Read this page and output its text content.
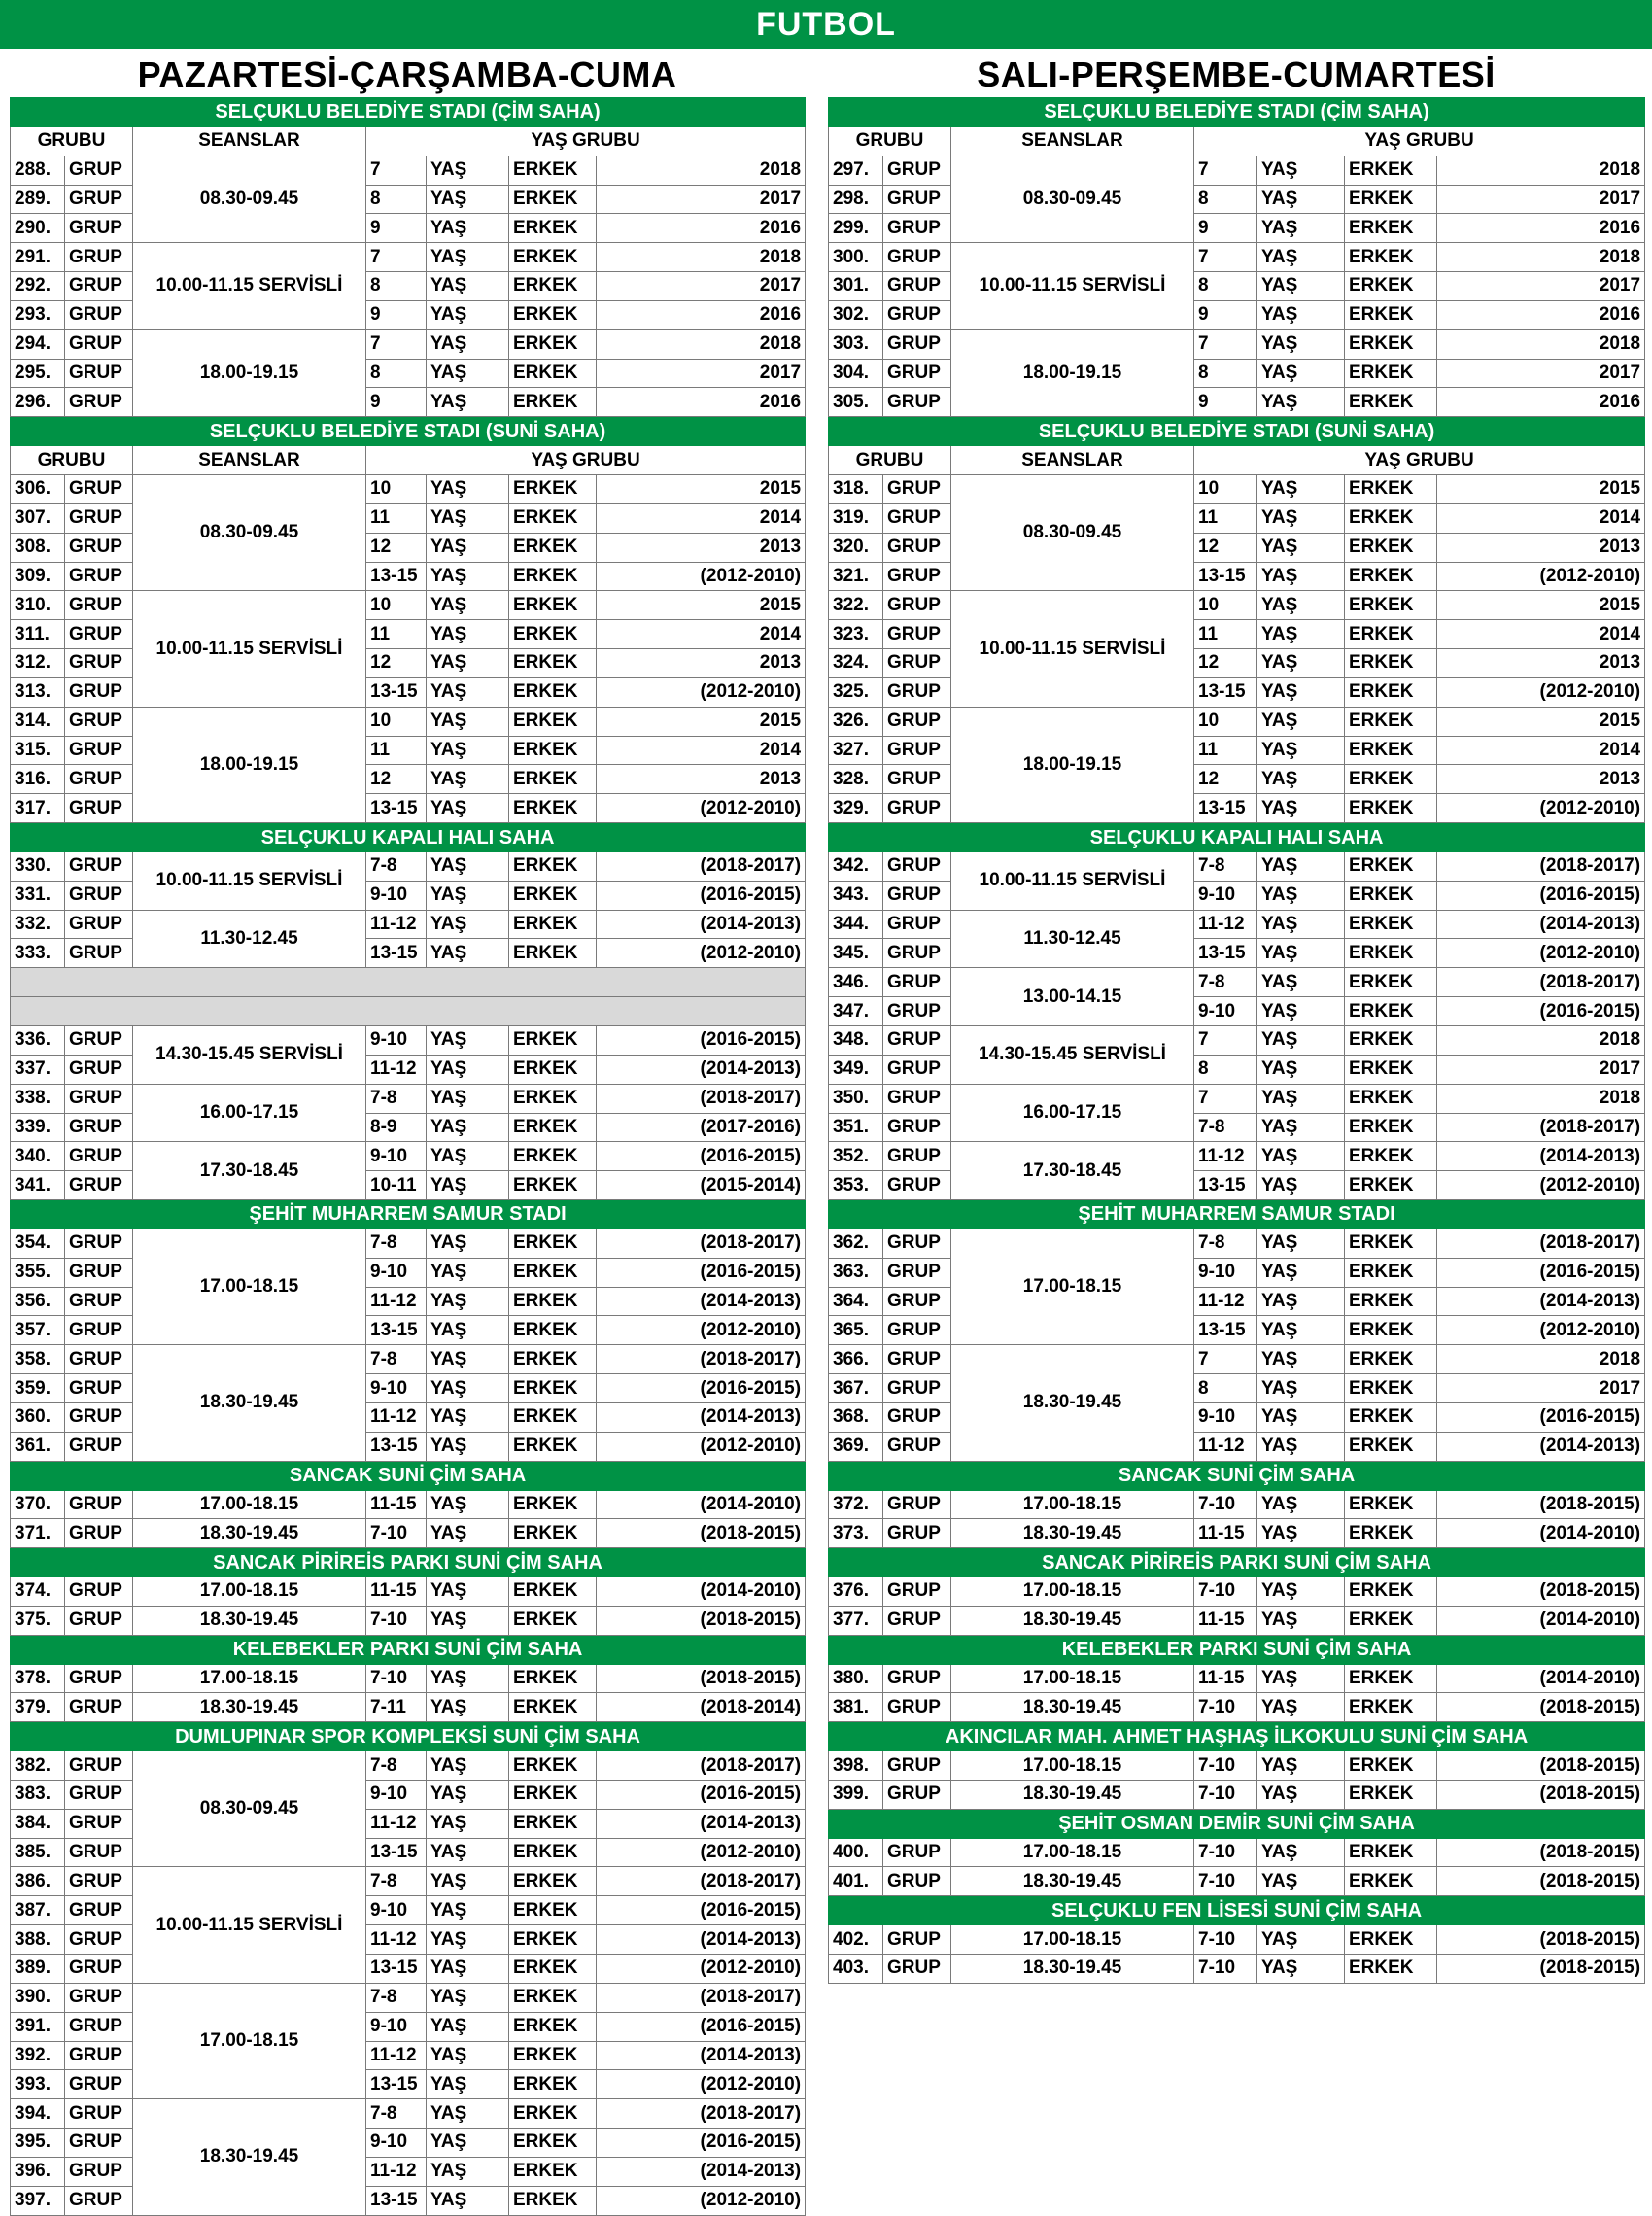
FUTBOL
PAZARTESİ-ÇARŞAMBA-CUMA
SELÇUKLU BELEDİYE STADI (ÇİM SAHA)						
GRUBU		SEANSLAR	YAŞ GRUBU			
288.	GRUP	08.30-09.45	7	YAŞ	ERKEK	2018
289.	GRUP		8	YAŞ	ERKEK	2017
290.	GRUP		9	YAŞ	ERKEK	2016
291.	GRUP	10.00-11.15 SERVİSLİ	7	YAŞ	ERKEK	2018
292.	GRUP		8	YAŞ	ERKEK	2017
293.	GRUP		9	YAŞ	ERKEK	2016
294.	GRUP	18.00-19.15	7	YAŞ	ERKEK	2018
295.	GRUP		8	YAŞ	ERKEK	2017
296.	GRUP		9	YAŞ	ERKEK	2016
SELÇUKLU BELEDİYE STADI (SUNİ SAHA)						
GRUBU		SEANSLAR	YAŞ GRUBU			
306.	GRUP	08.30-09.45	10	YAŞ	ERKEK	2015
307.	GRUP		11	YAŞ	ERKEK	2014
308.	GRUP		12	YAŞ	ERKEK	2013
309.	GRUP		13-15	YAŞ	ERKEK	(2012-2010)
310.	GRUP	10.00-11.15 SERVİSLİ	10	YAŞ	ERKEK	2015
311.	GRUP		11	YAŞ	ERKEK	2014
312.	GRUP		12	YAŞ	ERKEK	2013
313.	GRUP		13-15	YAŞ	ERKEK	(2012-2010)
314.	GRUP	18.00-19.15	10	YAŞ	ERKEK	2015
315.	GRUP		11	YAŞ	ERKEK	2014
316.	GRUP		12	YAŞ	ERKEK	2013
317.	GRUP		13-15	YAŞ	ERKEK	(2012-2010)
SELÇUKLU KAPALI HALI SAHA						
330.	GRUP	10.00-11.15 SERVİSLİ	7-8	YAŞ	ERKEK	(2018-2017)
331.	GRUP		9-10	YAŞ	ERKEK	(2016-2015)
332.	GRUP	11.30-12.45	11-12	YAŞ	ERKEK	(2014-2013)
333.	GRUP		13-15	YAŞ	ERKEK	(2012-2010)

336.	GRUP	14.30-15.45 SERVİSLİ	9-10	YAŞ	ERKEK	(2016-2015)
337.	GRUP		11-12	YAŞ	ERKEK	(2014-2013)
338.	GRUP	16.00-17.15	7-8	YAŞ	ERKEK	(2018-2017)
339.	GRUP		8-9	YAŞ	ERKEK	(2017-2016)
340.	GRUP	17.30-18.45	9-10	YAŞ	ERKEK	(2016-2015)
341.	GRUP		10-11	YAŞ	ERKEK	(2015-2014)
ŞEHİT MUHARREM SAMUR STADI						
354.	GRUP	17.00-18.15	7-8	YAŞ	ERKEK	(2018-2017)
355.	GRUP		9-10	YAŞ	ERKEK	(2016-2015)
356.	GRUP		11-12	YAŞ	ERKEK	(2014-2013)
357.	GRUP		13-15	YAŞ	ERKEK	(2012-2010)
358.	GRUP	18.30-19.45	7-8	YAŞ	ERKEK	(2018-2017)
359.	GRUP		9-10	YAŞ	ERKEK	(2016-2015)
360.	GRUP		11-12	YAŞ	ERKEK	(2014-2013)
361.	GRUP		13-15	YAŞ	ERKEK	(2012-2010)
SANCAK SUNİ ÇİM SAHA						
370.	GRUP	17.00-18.15	11-15	YAŞ	ERKEK	(2014-2010)
371.	GRUP	18.30-19.45	7-10	YAŞ	ERKEK	(2018-2015)
SANCAK PİRİREİS PARKI SUNİ ÇİM SAHA						
374.	GRUP	17.00-18.15	11-15	YAŞ	ERKEK	(2014-2010)
375.	GRUP	18.30-19.45	7-10	YAŞ	ERKEK	(2018-2015)
KELEBEKLER PARKI SUNİ ÇİM SAHA						
378.	GRUP	17.00-18.15	7-10	YAŞ	ERKEK	(2018-2015)
379.	GRUP	18.30-19.45	7-11	YAŞ	ERKEK	(2018-2014)
DUMLUPINAR SPOR KOMPLEKSİ SUNİ ÇİM SAHA						
382.	GRUP	08.30-09.45	7-8	YAŞ	ERKEK	(2018-2017)
383.	GRUP		9-10	YAŞ	ERKEK	(2016-2015)
384.	GRUP		11-12	YAŞ	ERKEK	(2014-2013)
385.	GRUP		13-15	YAŞ	ERKEK	(2012-2010)
386.	GRUP	10.00-11.15 SERVİSLİ	7-8	YAŞ	ERKEK	(2018-2017)
387.	GRUP		9-10	YAŞ	ERKEK	(2016-2015)
388.	GRUP		11-12	YAŞ	ERKEK	(2014-2013)
389.	GRUP		13-15	YAŞ	ERKEK	(2012-2010)
390.	GRUP	17.00-18.15	7-8	YAŞ	ERKEK	(2018-2017)
391.	GRUP		9-10	YAŞ	ERKEK	(2016-2015)
392.	GRUP		11-12	YAŞ	ERKEK	(2014-2013)
393.	GRUP		13-15	YAŞ	ERKEK	(2012-2010)
394.	GRUP	18.30-19.45	7-8	YAŞ	ERKEK	(2018-2017)
395.	GRUP		9-10	YAŞ	ERKEK	(2016-2015)
396.	GRUP		11-12	YAŞ	ERKEK	(2014-2013)
397.	GRUP		13-15	YAŞ	ERKEK	(2012-2010)
SALI-PERŞEMBE-CUMARTESİ
SELÇUKLU BELEDİYE STADI (ÇİM SAHA)						
GRUBU		SEANSLAR	YAŞ GRUBU			
297.	GRUP	08.30-09.45	7	YAŞ	ERKEK	2018
298.	GRUP		8	YAŞ	ERKEK	2017
299.	GRUP		9	YAŞ	ERKEK	2016
300.	GRUP	10.00-11.15 SERVİSLİ	7	YAŞ	ERKEK	2018
301.	GRUP		8	YAŞ	ERKEK	2017
302.	GRUP		9	YAŞ	ERKEK	2016
303.	GRUP	18.00-19.15	7	YAŞ	ERKEK	2018
304.	GRUP		8	YAŞ	ERKEK	2017
305.	GRUP		9	YAŞ	ERKEK	2016
SELÇUKLU BELEDİYE STADI (SUNİ SAHA)						
GRUBU		SEANSLAR	YAŞ GRUBU			
318.	GRUP	08.30-09.45	10	YAŞ	ERKEK	2015
319.	GRUP		11	YAŞ	ERKEK	2014
320.	GRUP		12	YAŞ	ERKEK	2013
321.	GRUP		13-15	YAŞ	ERKEK	(2012-2010)
322.	GRUP	10.00-11.15 SERVİSLİ	10	YAŞ	ERKEK	2015
323.	GRUP		11	YAŞ	ERKEK	2014
324.	GRUP		12	YAŞ	ERKEK	2013
325.	GRUP		13-15	YAŞ	ERKEK	(2012-2010)
326.	GRUP	18.00-19.15	10	YAŞ	ERKEK	2015
327.	GRUP		11	YAŞ	ERKEK	2014
328.	GRUP		12	YAŞ	ERKEK	2013
329.	GRUP		13-15	YAŞ	ERKEK	(2012-2010)
SELÇUKLU KAPALI HALI SAHA						
342.	GRUP	10.00-11.15 SERVİSLİ	7-8	YAŞ	ERKEK	(2018-2017)
343.	GRUP		9-10	YAŞ	ERKEK	(2016-2015)
344.	GRUP	11.30-12.45	11-12	YAŞ	ERKEK	(2014-2013)
345.	GRUP		13-15	YAŞ	ERKEK	(2012-2010)
346.	GRUP	13.00-14.15	7-8	YAŞ	ERKEK	(2018-2017)
347.	GRUP		9-10	YAŞ	ERKEK	(2016-2015)
348.	GRUP	14.30-15.45 SERVİSLİ	7	YAŞ	ERKEK	2018
349.	GRUP		8	YAŞ	ERKEK	2017
350.	GRUP	16.00-17.15	7	YAŞ	ERKEK	2018
351.	GRUP		7-8	YAŞ	ERKEK	(2018-2017)
352.	GRUP	17.30-18.45	11-12	YAŞ	ERKEK	(2014-2013)
353.	GRUP		13-15	YAŞ	ERKEK	(2012-2010)
ŞEHİT MUHARREM SAMUR STADI						
362.	GRUP	17.00-18.15	7-8	YAŞ	ERKEK	(2018-2017)
363.	GRUP		9-10	YAŞ	ERKEK	(2016-2015)
364.	GRUP		11-12	YAŞ	ERKEK	(2014-2013)
365.	GRUP		13-15	YAŞ	ERKEK	(2012-2010)
366.	GRUP	18.30-19.45	7	YAŞ	ERKEK	2018
367.	GRUP		8	YAŞ	ERKEK	2017
368.	GRUP		9-10	YAŞ	ERKEK	(2016-2015)
369.	GRUP		11-12	YAŞ	ERKEK	(2014-2013)
SANCAK SUNİ ÇİM SAHA						
372.	GRUP	17.00-18.15	7-10	YAŞ	ERKEK	(2018-2015)
373.	GRUP	18.30-19.45	11-15	YAŞ	ERKEK	(2014-2010)
SANCAK PİRİREİS PARKI SUNİ ÇİM SAHA						
376.	GRUP	17.00-18.15	7-10	YAŞ	ERKEK	(2018-2015)
377.	GRUP	18.30-19.45	11-15	YAŞ	ERKEK	(2014-2010)
KELEBEKLER PARKI SUNİ ÇİM SAHA						
380.	GRUP	17.00-18.15	11-15	YAŞ	ERKEK	(2014-2010)
381.	GRUP	18.30-19.45	7-10	YAŞ	ERKEK	(2018-2015)
AKINCILAR MAH. AHMET HAŞHAŞ İLKOKULU SUNİ ÇİM SAHA						
398.	GRUP	17.00-18.15	7-10	YAŞ	ERKEK	(2018-2015)
399.	GRUP	18.30-19.45	7-10	YAŞ	ERKEK	(2018-2015)
ŞEHİT OSMAN DEMİR SUNİ ÇİM SAHA						
400.	GRUP	17.00-18.15	7-10	YAŞ	ERKEK	(2018-2015)
401.	GRUP	18.30-19.45	7-10	YAŞ	ERKEK	(2018-2015)
SELÇUKLU FEN LİSESİ SUNİ ÇİM SAHA						
402.	GRUP	17.00-18.15	7-10	YAŞ	ERKEK	(2018-2015)
403.	GRUP	18.30-19.45	7-10	YAŞ	ERKEK	(2018-2015)
